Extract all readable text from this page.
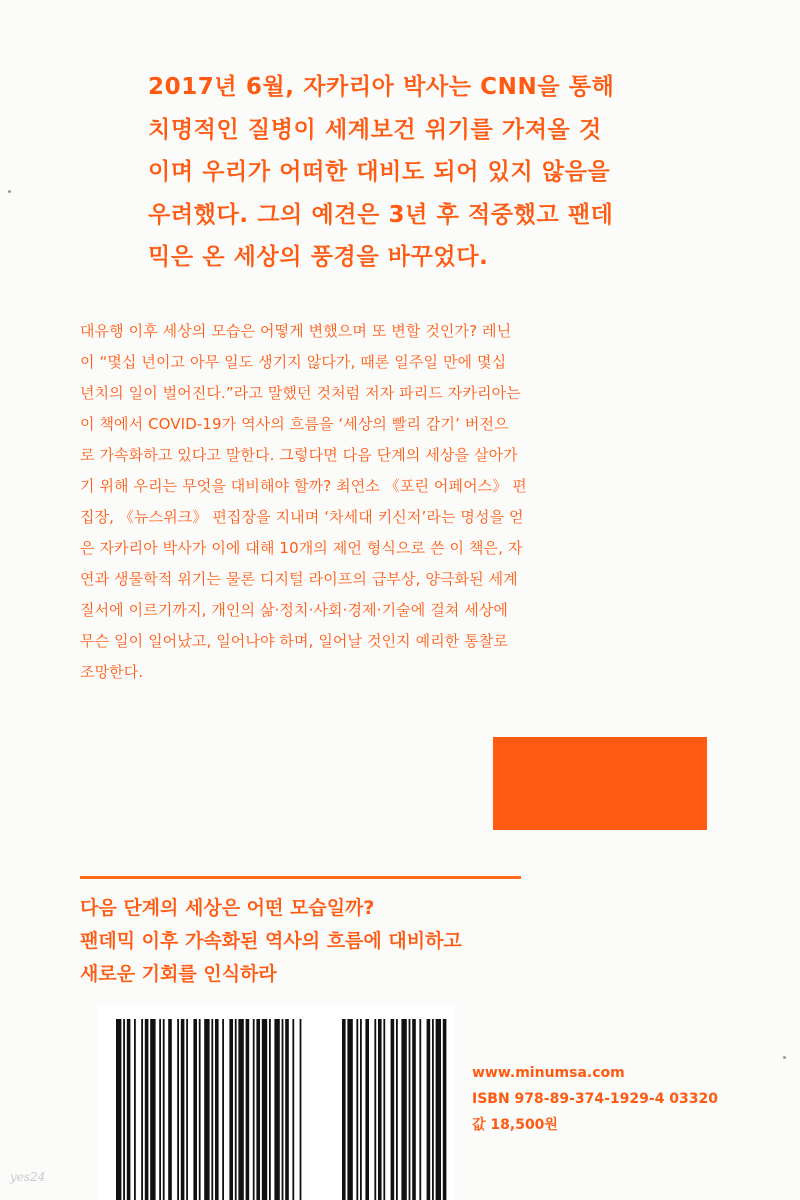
2017년 6월, 자카리아 박사는 CNN을 통해
치명적인 질병이 세계보건 위기를 가져올 것
이며 우리가 어떠한 대비도 되어 있지 않음을
우려했다. 그의 예견은 3년 후 적중했고 팬데
믹은 온 세상의 풍경을 바꾸었다.

대유행 이후 세상의 모습은 어떻게 변했으며 또 변할 것인가? 레닌
이 “몇십 년이고 아무 일도 생기지 않다가, 때론 일주일 만에 몇십
년치의 일이 벌어진다.”라고 말했던 것처럼 저자 파리드 자카리아는
이 책에서 COVID-19가 역사의 흐름을 ‘세상의 빨리 감기’ 버전으
로 가속화하고 있다고 말한다. 그렇다면 다음 단계의 세상을 살아가
기 위해 우리는 무엇을 대비해야 할까? 최연소 《포린 어페어스》 편
집장, 《뉴스위크》 편집장을 지내며 ‘차세대 키신저’라는 명성을 얻
은 자카리아 박사가 이에 대해 10개의 제언 형식으로 쓴 이 책은, 자
연과 생물학적 위기는 물론 디지털 라이프의 급부상, 양극화된 세계
질서에 이르기까지, 개인의 삶·정치·사회·경제·기술에 걸쳐 세상에
무슨 일이 일어났고, 일어나야 하며, 일어날 것인지 예리한 통찰로
조망한다.

다음 단계의 세상은 어떤 모습일까?
팬데믹 이후 가속화된 역사의 흐름에 대비하고
새로운 기회를 인식하라

www.minumsa.com
ISBN 978-89-374-1929-4 03320
값 18,500원
yes24
